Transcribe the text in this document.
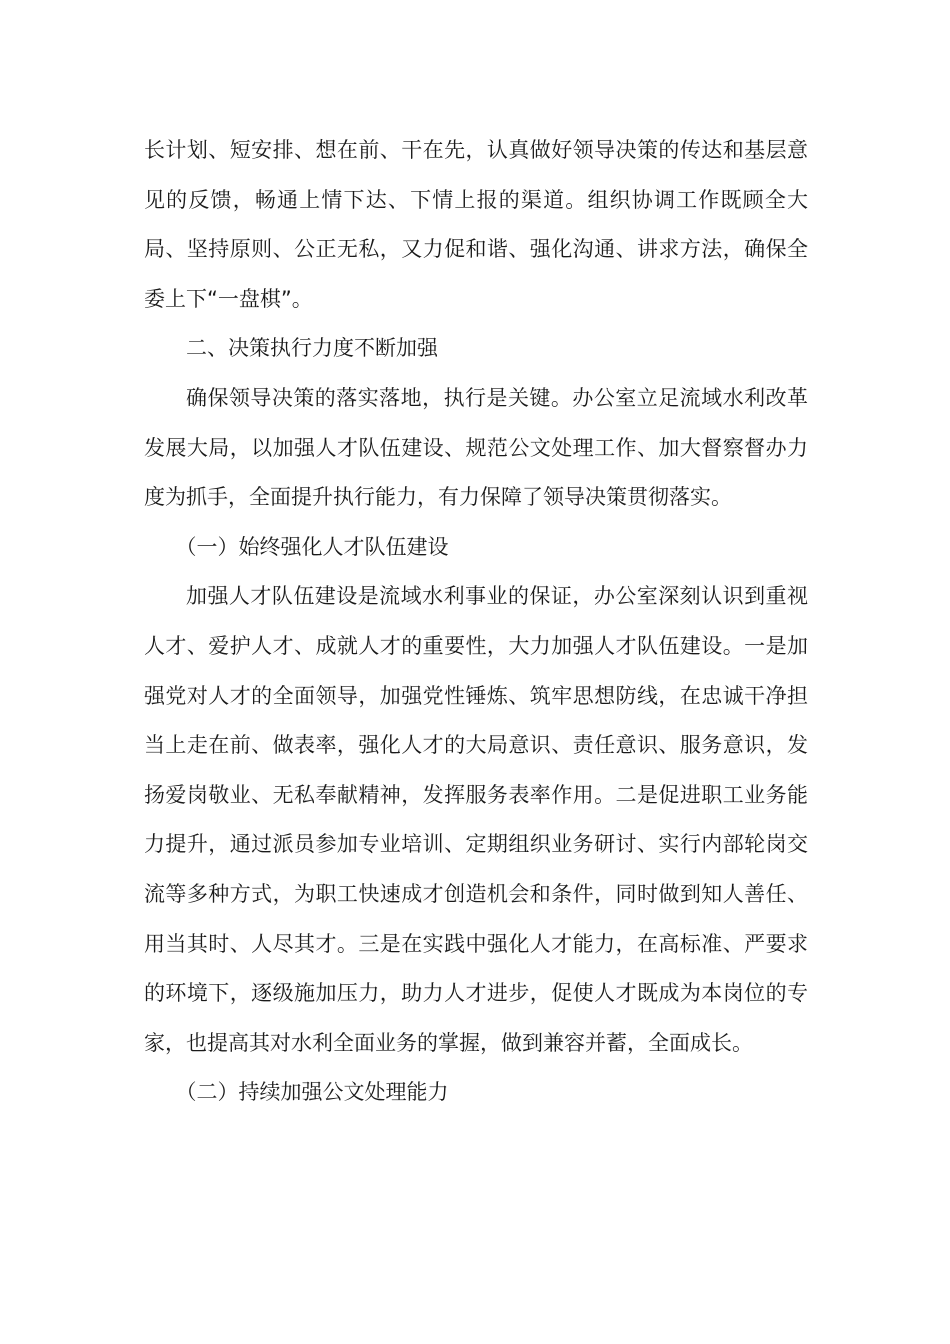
长计划、短安排、想在前、干在先，认真做好领导决策的传达和基层意见的反馈，畅通上情下达、下情上报的渠道。组织协调工作既顾全大局、坚持原则、公正无私，又力促和谐、强化沟通、讲求方法，确保全委上下“一盘棋”。

二、决策执行力度不断加强

确保领导决策的落实落地，执行是关键。办公室立足流域水利改革发展大局，以加强人才队伍建设、规范公文处理工作、加大督察督办力度为抓手，全面提升执行能力，有力保障了领导决策贯彻落实。

（一）始终强化人才队伍建设

加强人才队伍建设是流域水利事业的保证，办公室深刻认识到重视人才、爱护人才、成就人才的重要性，大力加强人才队伍建设。一是加强党对人才的全面领导，加强党性锤炼、筑牢思想防线，在忠诚干净担当上走在前、做表率，强化人才的大局意识、责任意识、服务意识，发扬爱岗敬业、无私奉献精神，发挥服务表率作用。二是促进职工业务能力提升，通过派员参加专业培训、定期组织业务研讨、实行内部轮岗交流等多种方式，为职工快速成才创造机会和条件，同时做到知人善任、用当其时、人尽其才。三是在实践中强化人才能力，在高标准、严要求的环境下，逐级施加压力，助力人才进步，促使人才既成为本岗位的专家，也提高其对水利全面业务的掌握，做到兼容并蓄，全面成长。

（二）持续加强公文处理能力
